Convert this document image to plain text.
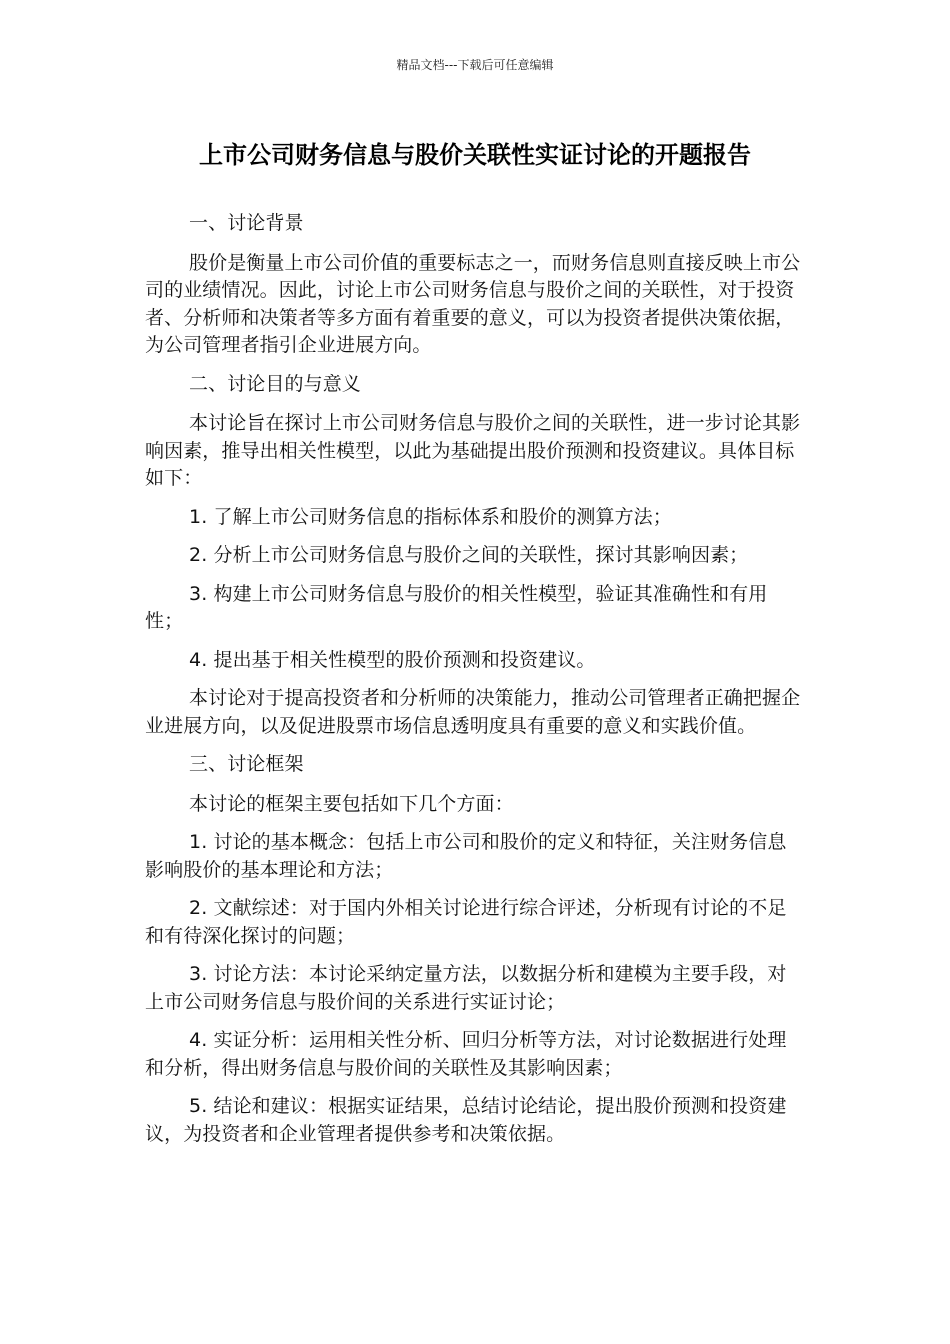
精品文档---下载后可任意编辑
上市公司财务信息与股价关联性实证讨论的开题报告

一、讨论背景

股价是衡量上市公司价值的重要标志之一，而财务信息则直接反映上市公司的业绩情况。因此，讨论上市公司财务信息与股价之间的关联性，对于投资者、分析师和决策者等多方面有着重要的意义，可以为投资者提供决策依据，为公司管理者指引企业进展方向。

二、讨论目的与意义

本讨论旨在探讨上市公司财务信息与股价之间的关联性，进一步讨论其影响因素，推导出相关性模型，以此为基础提出股价预测和投资建议。具体目标如下：

1. 了解上市公司财务信息的指标体系和股价的测算方法；

2. 分析上市公司财务信息与股价之间的关联性，探讨其影响因素；

3. 构建上市公司财务信息与股价的相关性模型，验证其准确性和有用性；

4. 提出基于相关性模型的股价预测和投资建议。

本讨论对于提高投资者和分析师的决策能力，推动公司管理者正确把握企业进展方向，以及促进股票市场信息透明度具有重要的意义和实践价值。

三、讨论框架

本讨论的框架主要包括如下几个方面：

1. 讨论的基本概念：包括上市公司和股价的定义和特征，关注财务信息影响股价的基本理论和方法；

2. 文献综述：对于国内外相关讨论进行综合评述，分析现有讨论的不足和有待深化探讨的问题；

3. 讨论方法：本讨论采纳定量方法，以数据分析和建模为主要手段，对上市公司财务信息与股价间的关系进行实证讨论；

4. 实证分析：运用相关性分析、回归分析等方法，对讨论数据进行处理和分析，得出财务信息与股价间的关联性及其影响因素；

5. 结论和建议：根据实证结果，总结讨论结论，提出股价预测和投资建议，为投资者和企业管理者提供参考和决策依据。
